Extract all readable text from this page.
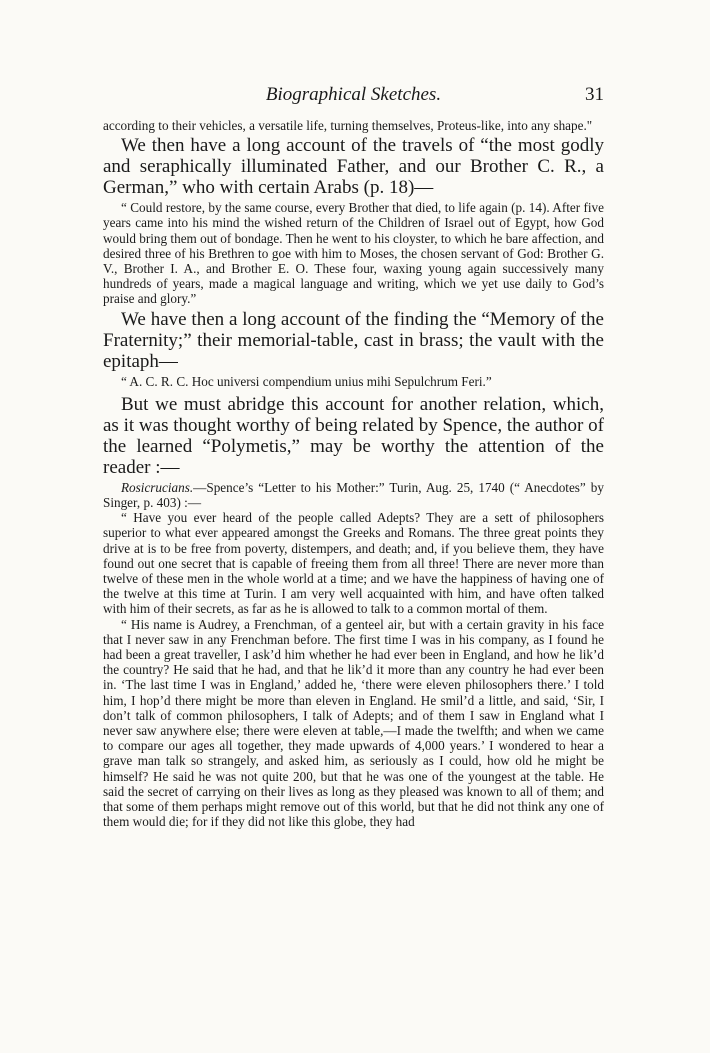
Biographical Sketches.	31

according to their vehicles, a versatile life, turning themselves, Proteus-like, into any shape."

We then have a long account of the travels of “the most godly and seraphically illuminated Father, and our Brother C. R., a German,” who with certain Arabs (p. 18)—

“ Could restore, by the same course, every Brother that died, to life again (p. 14). After five years came into his mind the wished return of the Children of Israel out of Egypt, how God would bring them out of bondage. Then he went to his cloyster, to which he bare affection, and desired three of his Brethren to goe with him to Moses, the chosen servant of God: Brother G. V., Brother I. A., and Brother E. O. These four, waxing young again successively many hundreds of years, made a magical language and writing, which we yet use daily to God’s praise and glory.”

We have then a long account of the finding the “Memory of the Fraternity;” their memorial-table, cast in brass; the vault with the epitaph—

“ A. C. R. C. Hoc universi compendium unius mihi Sepulchrum Feri.”

But we must abridge this account for another relation, which, as it was thought worthy of being related by Spence, the author of the learned “Polymetis,” may be worthy the attention of the reader :—

Rosicrucians.—Spence’s “Letter to his Mother:” Turin, Aug. 25, 1740 (“ Anecdotes” by Singer, p. 403) :—

“ Have you ever heard of the people called Adepts? They are a sett of philosophers superior to what ever appeared amongst the Greeks and Romans. The three great points they drive at is to be free from poverty, distempers, and death; and, if you believe them, they have found out one secret that is capable of freeing them from all three! There are never more than twelve of these men in the whole world at a time; and we have the happiness of having one of the twelve at this time at Turin. I am very well acquainted with him, and have often talked with him of their secrets, as far as he is allowed to talk to a common mortal of them.

“ His name is Audrey, a Frenchman, of a genteel air, but with a certain gravity in his face that I never saw in any Frenchman before. The first time I was in his company, as I found he had been a great traveller, I ask’d him whether he had ever been in England, and how he lik’d the country? He said that he had, and that he lik’d it more than any country he had ever been in. ‘The last time I was in England,’ added he, ‘there were eleven philosophers there.’ I told him, I hop’d there might be more than eleven in England. He smil’d a little, and said, ‘Sir, I don’t talk of common philosophers, I talk of Adepts; and of them I saw in England what I never saw anywhere else; there were eleven at table,—I made the twelfth; and when we came to compare our ages all together, they made upwards of 4,000 years.’ I wondered to hear a grave man talk so strangely, and asked him, as seriously as I could, how old he might be himself? He said he was not quite 200, but that he was one of the youngest at the table. He said the secret of carrying on their lives as long as they pleased was known to all of them; and that some of them perhaps might remove out of this world, but that he did not think any one of them would die; for if they did not like this globe, they had
